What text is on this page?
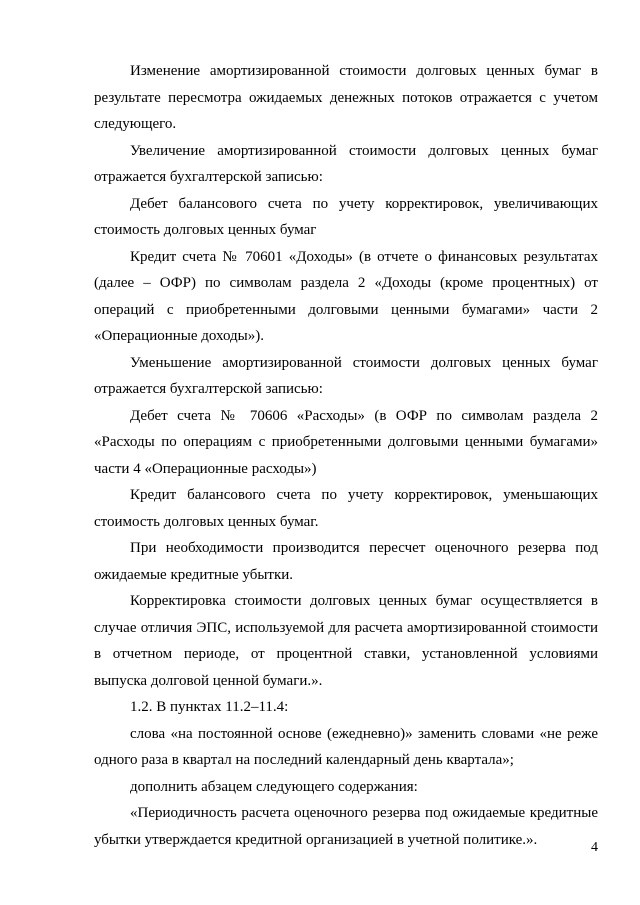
Изменение амортизированной стоимости долговых ценных бумаг в результате пересмотра ожидаемых денежных потоков отражается с учетом следующего.

Увеличение амортизированной стоимости долговых ценных бумаг отражается бухгалтерской записью:

Дебет балансового счета по учету корректировок, увеличивающих стоимость долговых ценных бумаг

Кредит счета № 70601 «Доходы» (в отчете о финансовых результатах (далее – ОФР) по символам раздела 2 «Доходы (кроме процентных) от операций с приобретенными долговыми ценными бумагами» части 2 «Операционные доходы»).

Уменьшение амортизированной стоимости долговых ценных бумаг отражается бухгалтерской записью:

Дебет счета № 70606 «Расходы» (в ОФР по символам раздела 2 «Расходы по операциям с приобретенными долговыми ценными бумагами» части 4 «Операционные расходы»)

Кредит балансового счета по учету корректировок, уменьшающих стоимость долговых ценных бумаг.

При необходимости производится пересчет оценочного резерва под ожидаемые кредитные убытки.

Корректировка стоимости долговых ценных бумаг осуществляется в случае отличия ЭПС, используемой для расчета амортизированной стоимости в отчетном периоде, от процентной ставки, установленной условиями выпуска долговой ценной бумаги.».

1.2. В пунктах 11.2–11.4:

слова «на постоянной основе (ежедневно)» заменить словами «не реже одного раза в квартал на последний календарный день квартала»;

дополнить абзацем следующего содержания:

«Периодичность расчета оценочного резерва под ожидаемые кредитные убытки утверждается кредитной организацией в учетной политике.».	4
